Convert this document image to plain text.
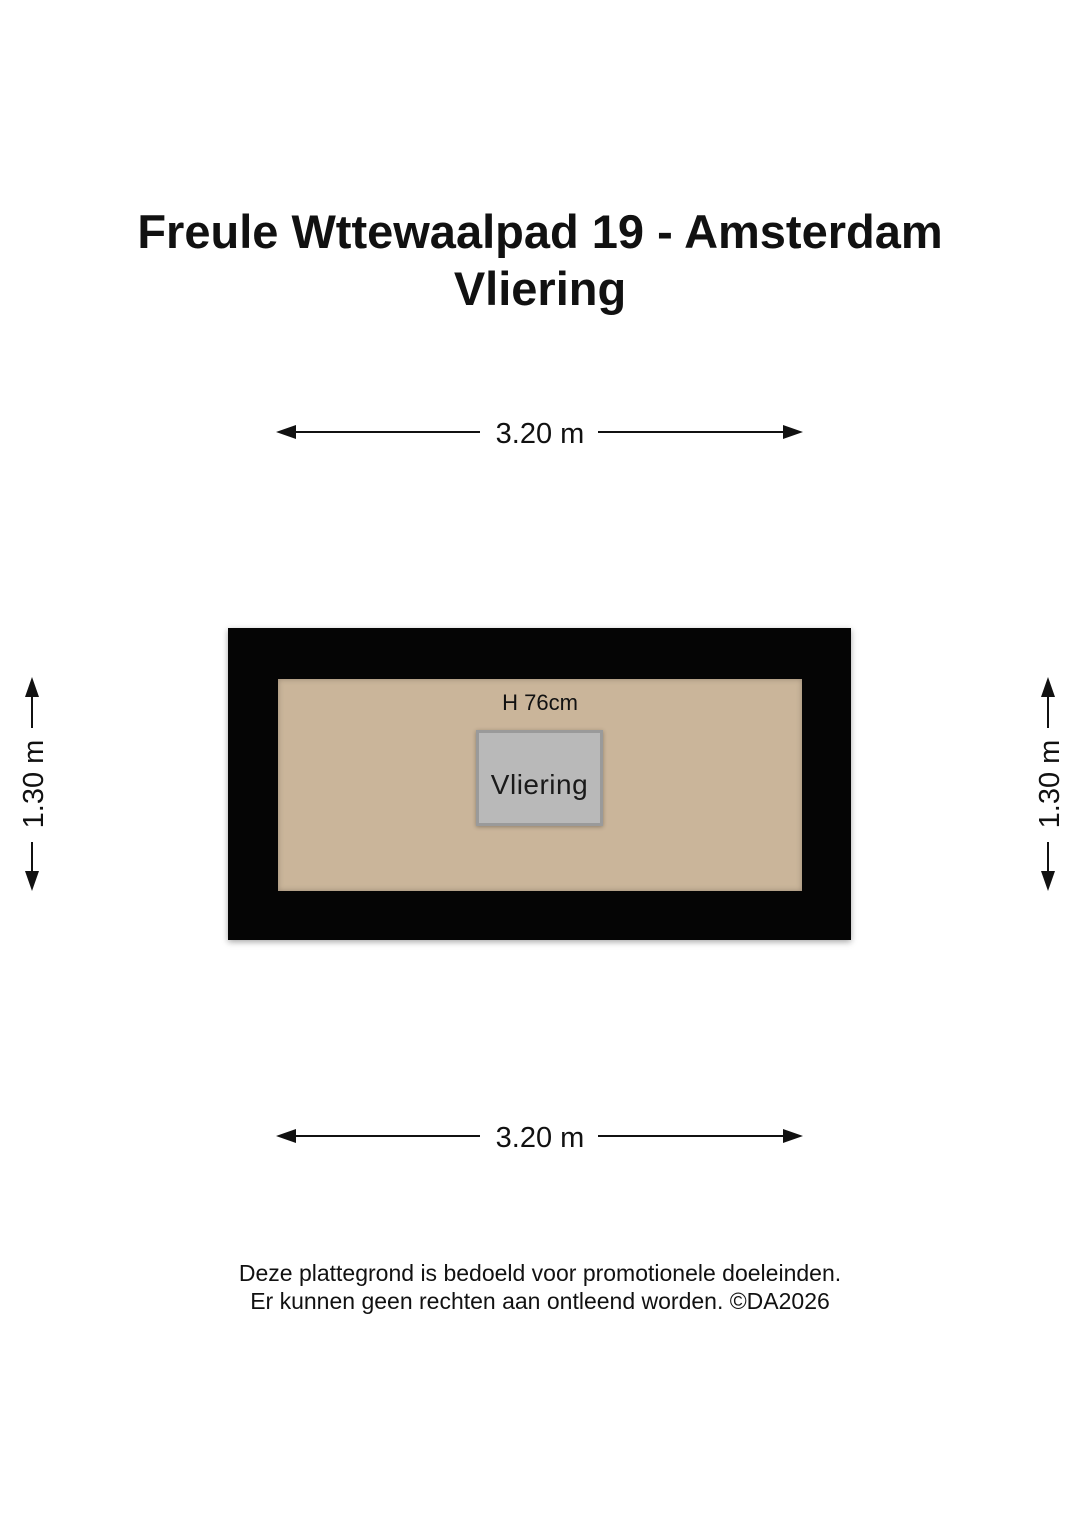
Freule Wttewaalpad 19 - Amsterdam
Vliering
3.20 m
3.20 m
1.30 m	1.30 m
H 76cm
Vliering
Deze plattegrond is bedoeld voor promotionele doeleinden.
Er kunnen geen rechten aan ontleend worden. ©DA2026
